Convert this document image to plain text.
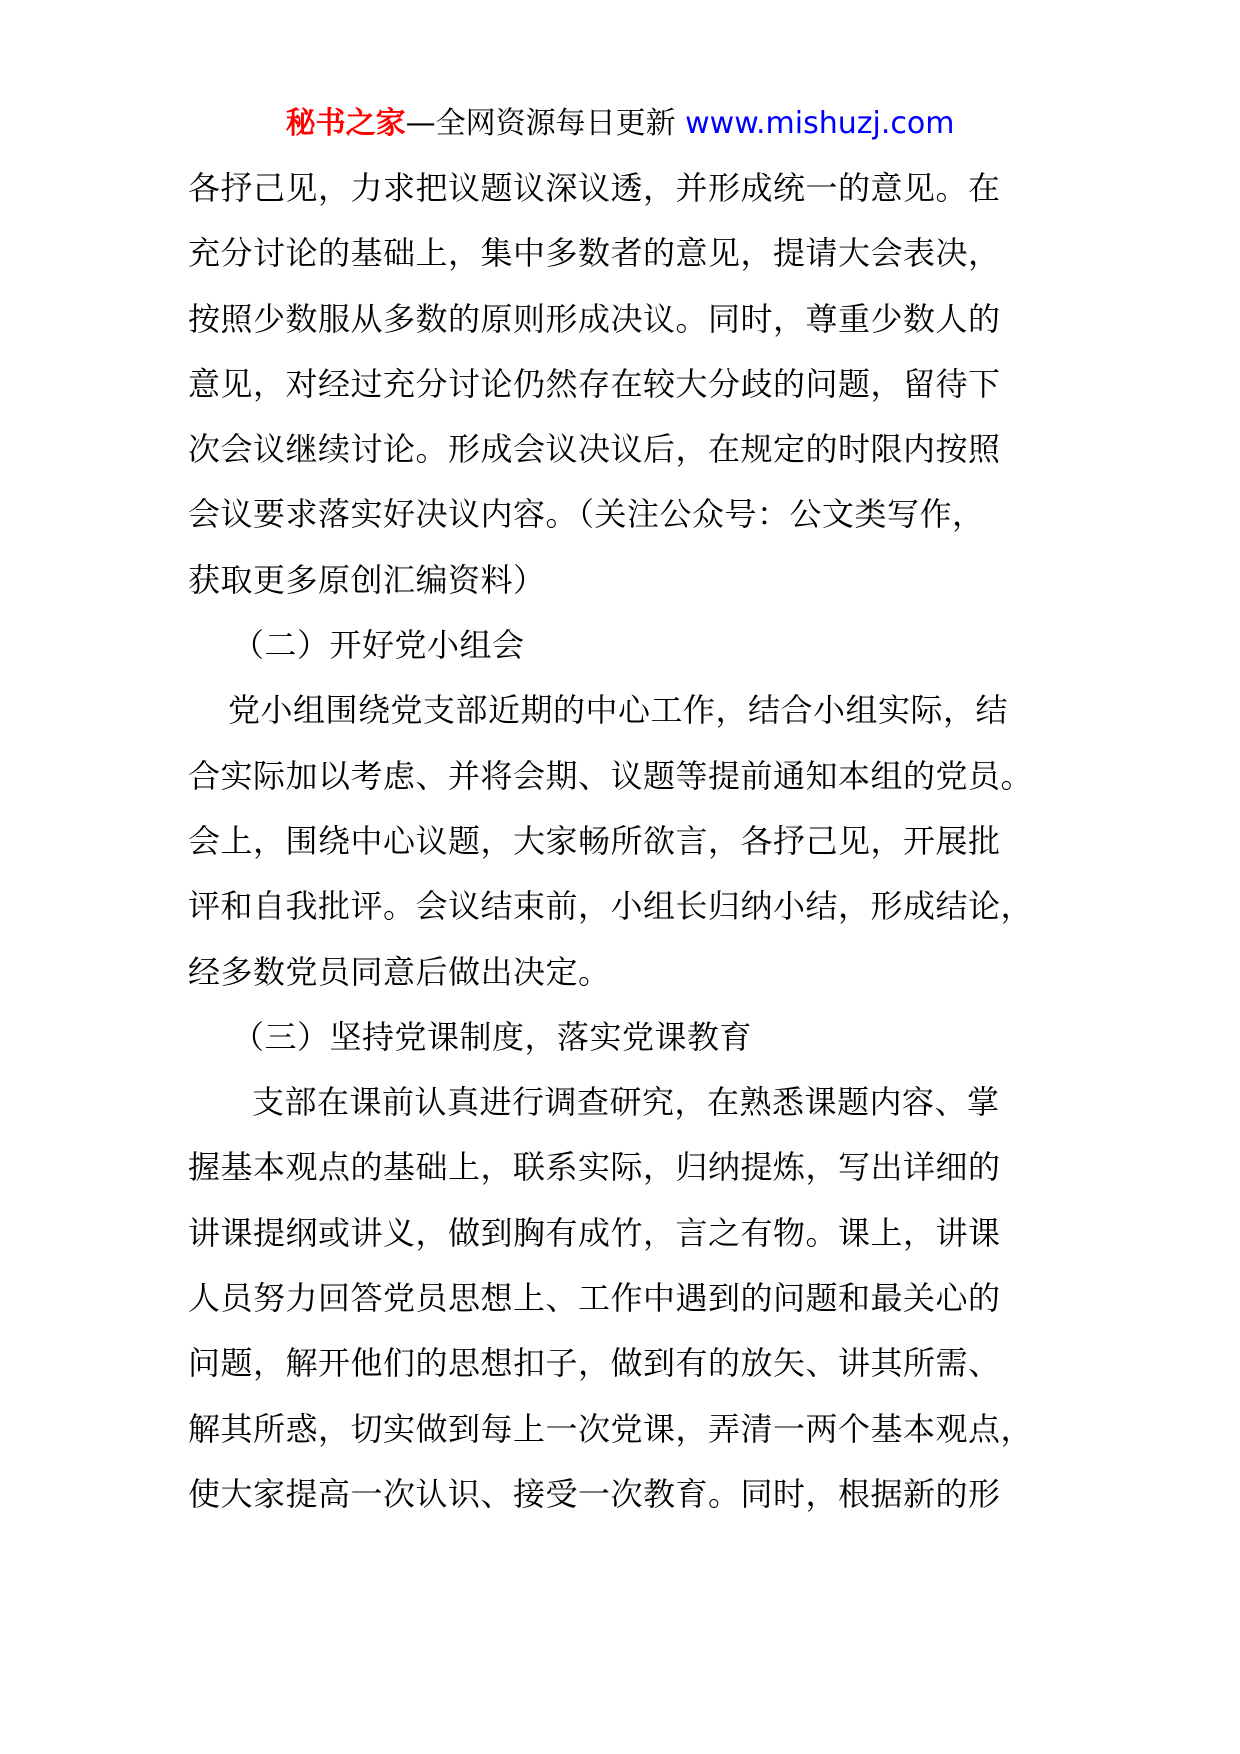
秘书之家—全网资源每日更新 www.mishuzj.com
各抒己见，力求把议题议深议透，并形成统一的意见。在
充分讨论的基础上，集中多数者的意见，提请大会表决，
按照少数服从多数的原则形成决议。同时，尊重少数人的
意见，对经过充分讨论仍然存在较大分歧的问题，留待下
次会议继续讨论。形成会议决议后，在规定的时限内按照
会议要求落实好决议内容。（关注公众号：公文类写作，
获取更多原创汇编资料）
（二）开好党小组会
党小组围绕党支部近期的中心工作，结合小组实际，结
合实际加以考虑、并将会期、议题等提前通知本组的党员。
会上，围绕中心议题，大家畅所欲言，各抒己见，开展批
评和自我批评。会议结束前，小组长归纳小结，形成结论，
经多数党员同意后做出决定。
（三）坚持党课制度，落实党课教育
支部在课前认真进行调查研究，在熟悉课题内容、掌
握基本观点的基础上，联系实际，归纳提炼，写出详细的
讲课提纲或讲义，做到胸有成竹，言之有物。课上，讲课
人员努力回答党员思想上、工作中遇到的问题和最关心的
问题，解开他们的思想扣子，做到有的放矢、讲其所需、
解其所惑，切实做到每上一次党课，弄清一两个基本观点，
使大家提高一次认识、接受一次教育。同时，根据新的形
